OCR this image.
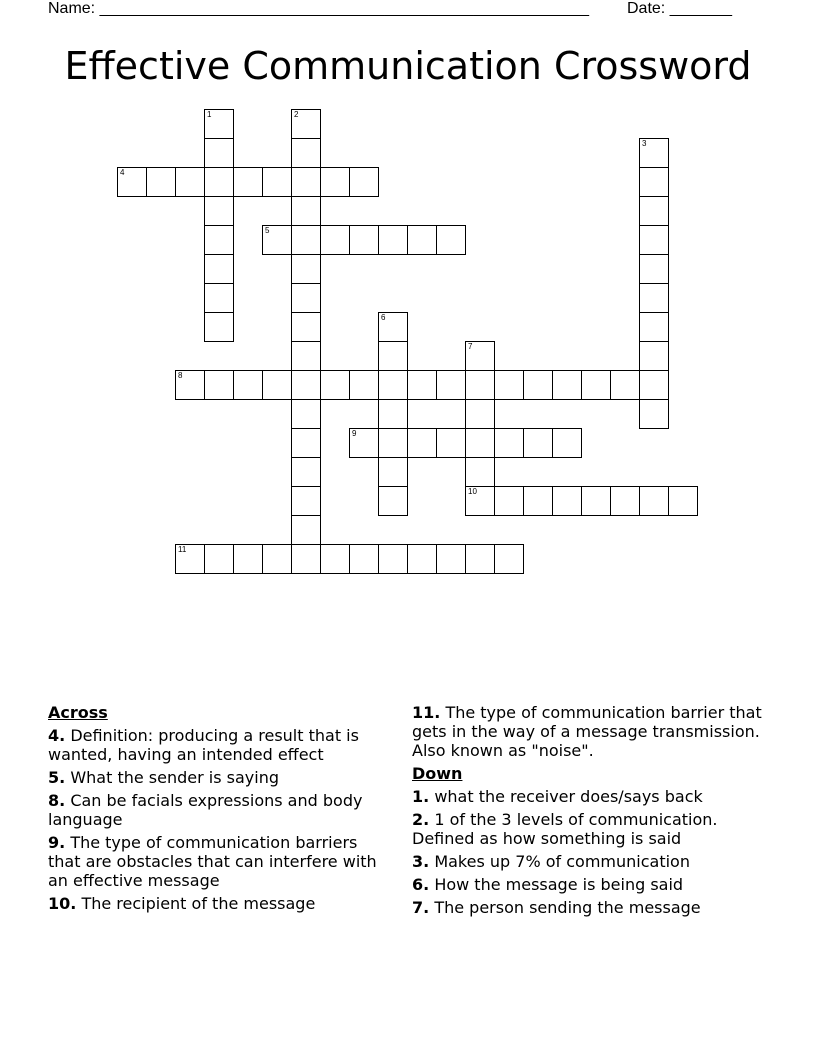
Name: _______________________________________________________ Date: _______
Effective Communication Crossword
1	2
3
4
5
6
7
8
9
10
11
Across
4. Definition: producing a result that is wanted, having an intended effect
5. What the sender is saying
8. Can be facials expressions and body language
9. The type of communication barriers that are obstacles that can interfere with an effective message
10. The recipient of the message
11. The type of communication barrier that gets in the way of a message transmission. Also known as "noise".
Down
1. what the receiver does/says back
2. 1 of the 3 levels of communication. Defined as how something is said
3. Makes up 7% of communication
6. How the message is being said
7. The person sending the message
